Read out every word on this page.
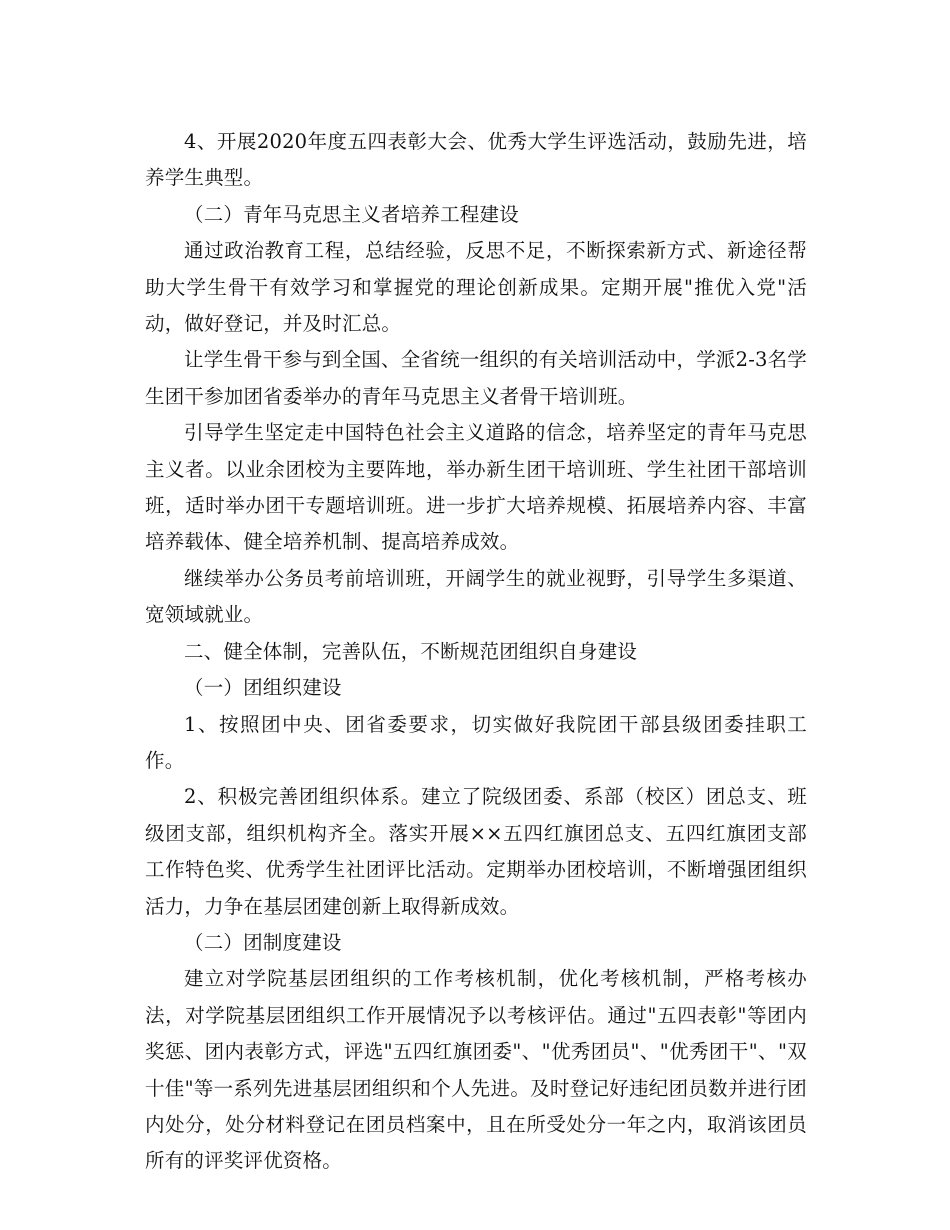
4、开展2020年度五四表彰大会、优秀大学生评选活动，鼓励先进，培养学生典型。

（二）青年马克思主义者培养工程建设

通过政治教育工程，总结经验，反思不足，不断探索新方式、新途径帮助大学生骨干有效学习和掌握党的理论创新成果。定期开展"推优入党"活动，做好登记，并及时汇总。

让学生骨干参与到全国、全省统一组织的有关培训活动中，学派2-3名学生团干参加团省委举办的青年马克思主义者骨干培训班。

引导学生坚定走中国特色社会主义道路的信念，培养坚定的青年马克思主义者。以业余团校为主要阵地，举办新生团干培训班、学生社团干部培训班，适时举办团干专题培训班。进一步扩大培养规模、拓展培养内容、丰富培养载体、健全培养机制、提高培养成效。

继续举办公务员考前培训班，开阔学生的就业视野，引导学生多渠道、宽领域就业。

二、健全体制，完善队伍，不断规范团组织自身建设

（一）团组织建设

1、按照团中央、团省委要求，切实做好我院团干部县级团委挂职工作。

2、积极完善团组织体系。建立了院级团委、系部（校区）团总支、班级团支部，组织机构齐全。落实开展××五四红旗团总支、五四红旗团支部工作特色奖、优秀学生社团评比活动。定期举办团校培训，不断增强团组织活力，力争在基层团建创新上取得新成效。

（二）团制度建设

建立对学院基层团组织的工作考核机制，优化考核机制，严格考核办法，对学院基层团组织工作开展情况予以考核评估。通过"五四表彰"等团内奖惩、团内表彰方式，评选"五四红旗团委"、"优秀团员"、"优秀团干"、"双十佳"等一系列先进基层团组织和个人先进。及时登记好违纪团员数并进行团内处分，处分材料登记在团员档案中，且在所受处分一年之内，取消该团员所有的评奖评优资格。
